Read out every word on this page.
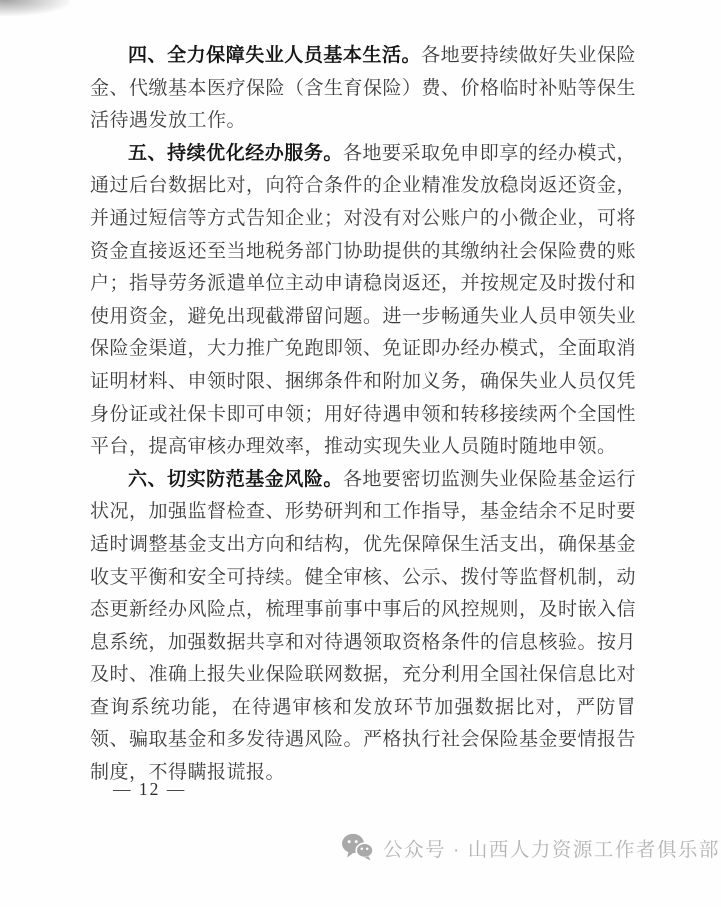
四、全力保障失业人员基本生活。各地要持续做好失业保险
金、代缴基本医疗保险（含生育保险）费、价格临时补贴等保生
活待遇发放工作。
五、持续优化经办服务。各地要采取免申即享的经办模式，
通过后台数据比对，向符合条件的企业精准发放稳岗返还资金，
并通过短信等方式告知企业；对没有对公账户的小微企业，可将
资金直接返还至当地税务部门协助提供的其缴纳社会保险费的账
户；指导劳务派遣单位主动申请稳岗返还，并按规定及时拨付和
使用资金，避免出现截滞留问题。进一步畅通失业人员申领失业
保险金渠道，大力推广免跑即领、免证即办经办模式，全面取消
证明材料、申领时限、捆绑条件和附加义务，确保失业人员仅凭
身份证或社保卡即可申领；用好待遇申领和转移接续两个全国性
平台，提高审核办理效率，推动实现失业人员随时随地申领。
六、切实防范基金风险。各地要密切监测失业保险基金运行
状况，加强监督检查、形势研判和工作指导，基金结余不足时要
适时调整基金支出方向和结构，优先保障保生活支出，确保基金
收支平衡和安全可持续。健全审核、公示、拨付等监督机制，动
态更新经办风险点，梳理事前事中事后的风控规则，及时嵌入信
息系统，加强数据共享和对待遇领取资格条件的信息核验。按月
及时、准确上报失业保险联网数据，充分利用全国社保信息比对
查询系统功能，在待遇审核和发放环节加强数据比对，严防冒
领、骗取基金和多发待遇风险。严格执行社会保险基金要情报告
制度，不得瞒报谎报。
— 12 —
公众号 · 山西人力资源工作者俱乐部
